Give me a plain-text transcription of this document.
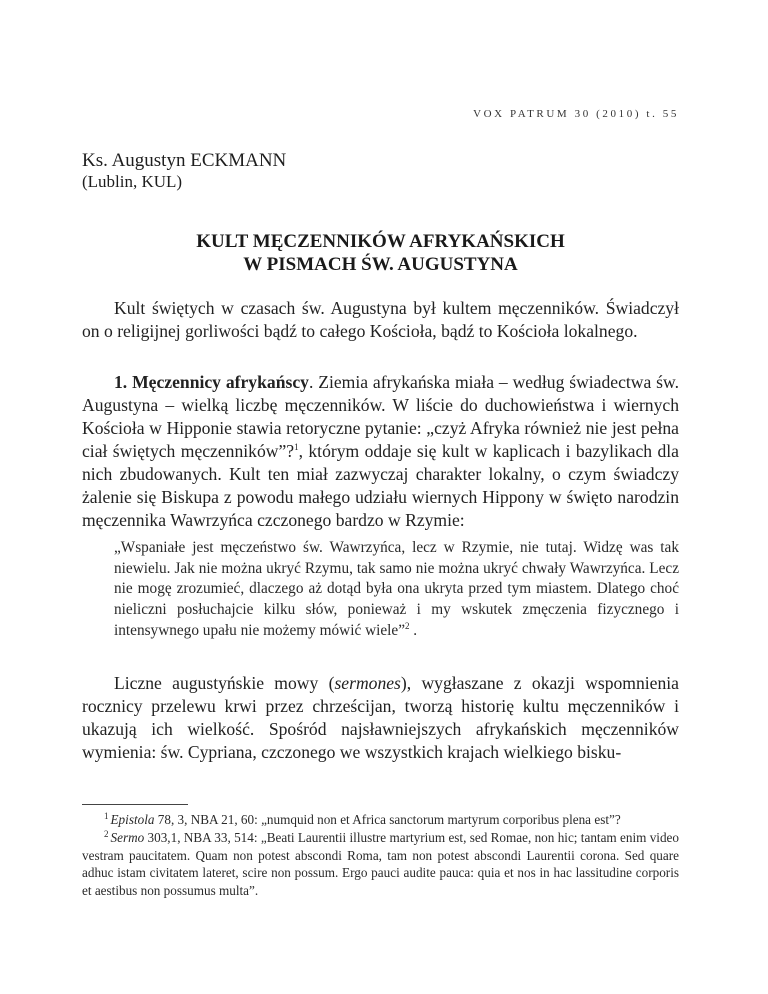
VOX PATRUM 30 (2010) t. 55
Ks. Augustyn ECKMANN
(Lublin, KUL)
KULT MĘCZENNIKÓW AFRYKAŃSKICH
W PISMACH ŚW. AUGUSTYNA

Kult świętych w czasach św. Augustyna był kultem męczenników. Świadczył on o religijnej gorliwości bądź to całego Kościoła, bądź to Kościoła lokalnego.

1. Męczennicy afrykańscy. Ziemia afrykańska miała – według świadectwa św. Augustyna – wielką liczbę męczenników. W liście do duchowieństwa i wiernych Kościoła w Hipponie stawia retoryczne pytanie: „czyż Afryka również nie jest pełna ciał świętych męczenników”?$^1$, którym oddaje się kult w kaplicach i bazylikach dla nich zbudowanych. Kult ten miał zazwyczaj charakter lokalny, o czym świadczy żalenie się Biskupa z powodu małego udziału wiernych Hippony w święto narodzin męczennika Wawrzyńca czczonego bardzo w Rzymie:

„Wspaniałe jest męczeństwo św. Wawrzyńca, lecz w Rzymie, nie tutaj. Widzę was tak niewielu. Jak nie można ukryć Rzymu, tak samo nie można ukryć chwały Wawrzyńca. Lecz nie mogę zrozumieć, dlaczego aż dotąd była ona ukryta przed tym miastem. Dlatego choć nieliczni posłuchajcie kilku słów, ponieważ i my wskutek zmęczenia fizycznego i intensywnego upału nie możemy mówić wiele”$^2$ .

Liczne augustyńskie mowy (sermones), wygłaszane z okazji wspomnienia rocznicy przelewu krwi przez chrześcijan, tworzą historię kultu męczenników i ukazują ich wielkość. Spośród najsławniejszych afrykańskich męczenników wymienia: św. Cypriana, czczonego we wszystkich krajach wielkiego bisku-

$^1$ Epistola 78, 3, NBA 21, 60: „numquid non et Africa sanctorum martyrum corporibus plena est”?

$^2$ Sermo 303,1, NBA 33, 514: „Beati Laurentii illustre martyrium est, sed Romae, non hic; tantam enim video vestram paucitatem. Quam non potest abscondi Roma, tam non potest abscondi Laurentii corona. Sed quare adhuc istam civitatem lateret, scire non possum. Ergo pauci audite pauca: quia et nos in hac lassitudine corporis et aestibus non possumus multa”.
